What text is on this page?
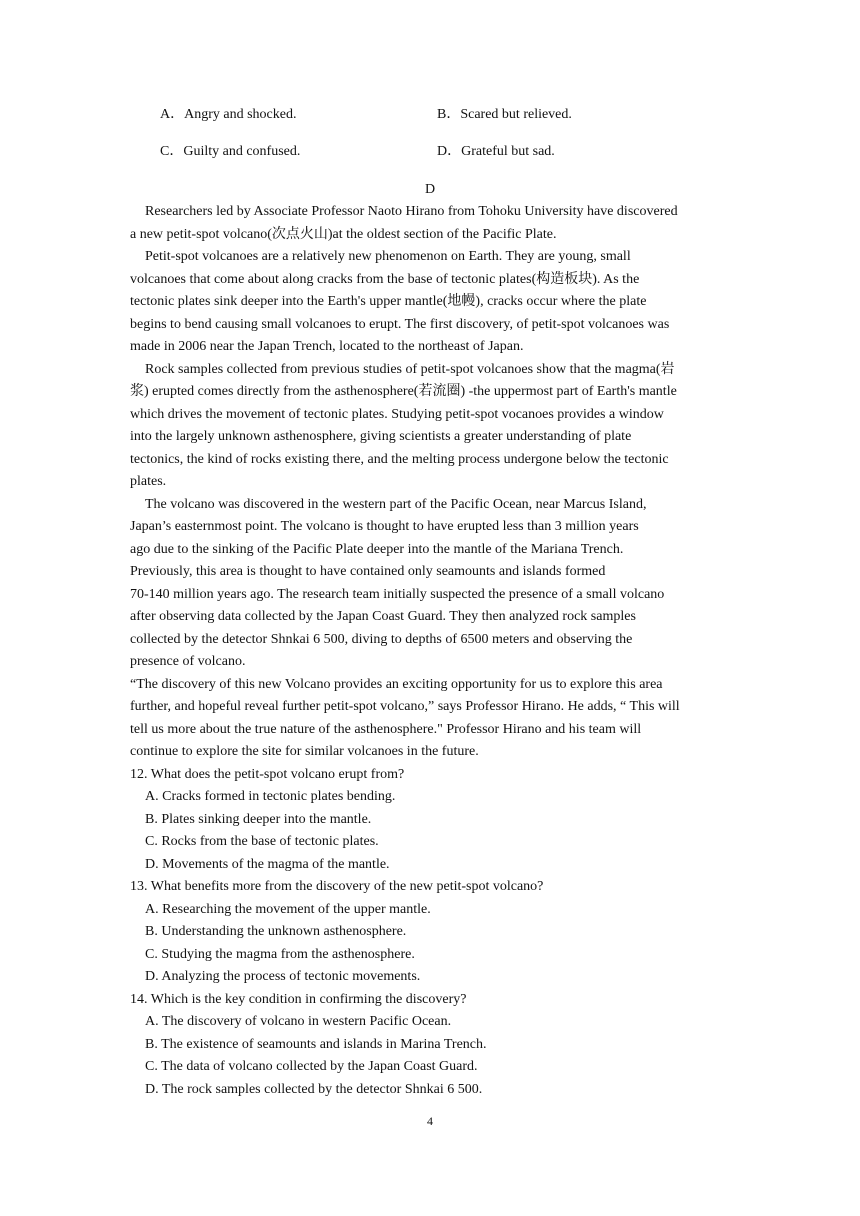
A．Angry and shocked.	B．Scared but relieved.
C．Guilty and confused.	D．Grateful but sad.
D

Researchers led by Associate Professor Naoto Hirano from Tohoku University have discovered
a new petit-spot volcano(次点火山)at the oldest section of the Pacific Plate.

Petit-spot volcanoes are a relatively new phenomenon on Earth. They are young, small
volcanoes that come about along cracks from the base of tectonic plates(构造板块). As the
tectonic plates sink deeper into the Earth's upper mantle(地幔), cracks occur where the plate
begins to bend causing small volcanoes to erupt. The first discovery, of petit-spot volcanoes was
made in 2006 near the Japan Trench, located to the northeast of Japan.

Rock samples collected from previous studies of petit-spot volcanoes show that the magma(岩
浆) erupted comes directly from the asthenosphere(若流圈) -the uppermost part of Earth's mantle
which drives the movement of tectonic plates. Studying petit-spot vocanoes provides a window
into the largely unknown asthenosphere, giving scientists a greater understanding of plate
tectonics, the kind of rocks existing there, and the melting process undergone below the tectonic
plates.

The volcano was discovered in the western part of the Pacific Ocean, near Marcus Island,
Japan’s easternmost point. The volcano is thought to have erupted less than 3 million years
ago due to the sinking of the Pacific Plate deeper into the mantle of the Mariana Trench.
Previously, this area is thought to have contained only seamounts and islands formed
70-140 million years ago. The research team initially suspected the presence of a small volcano
after observing data collected by the Japan Coast Guard. They then analyzed rock samples
collected by the detector Shnkai 6 500, diving to depths of 6500 meters and observing the
presence of volcano.

“The discovery of this new Volcano provides an exciting opportunity for us to explore this area
further, and hopeful reveal further petit-spot volcano,” says Professor Hirano. He adds, “ This will
tell us more about the true nature of the asthenosphere." Professor Hirano and his team will
continue to explore the site for similar volcanoes in the future.

12. What does the petit-spot volcano erupt from?
A. Cracks formed in tectonic plates bending.
B. Plates sinking deeper into the mantle.
C. Rocks from the base of tectonic plates.
D. Movements of the magma of the mantle.
13. What benefits more from the discovery of the new petit-spot volcano?
A. Researching the movement of the upper mantle.
B. Understanding the unknown asthenosphere.
C. Studying the magma from the asthenosphere.
D. Analyzing the process of tectonic movements.
14. Which is the key condition in confirming the discovery?
A. The discovery of volcano in western Pacific Ocean.
B. The existence of seamounts and islands in Marina Trench.
C. The data of volcano collected by the Japan Coast Guard.
D. The rock samples collected by the detector Shnkai 6 500.
4
